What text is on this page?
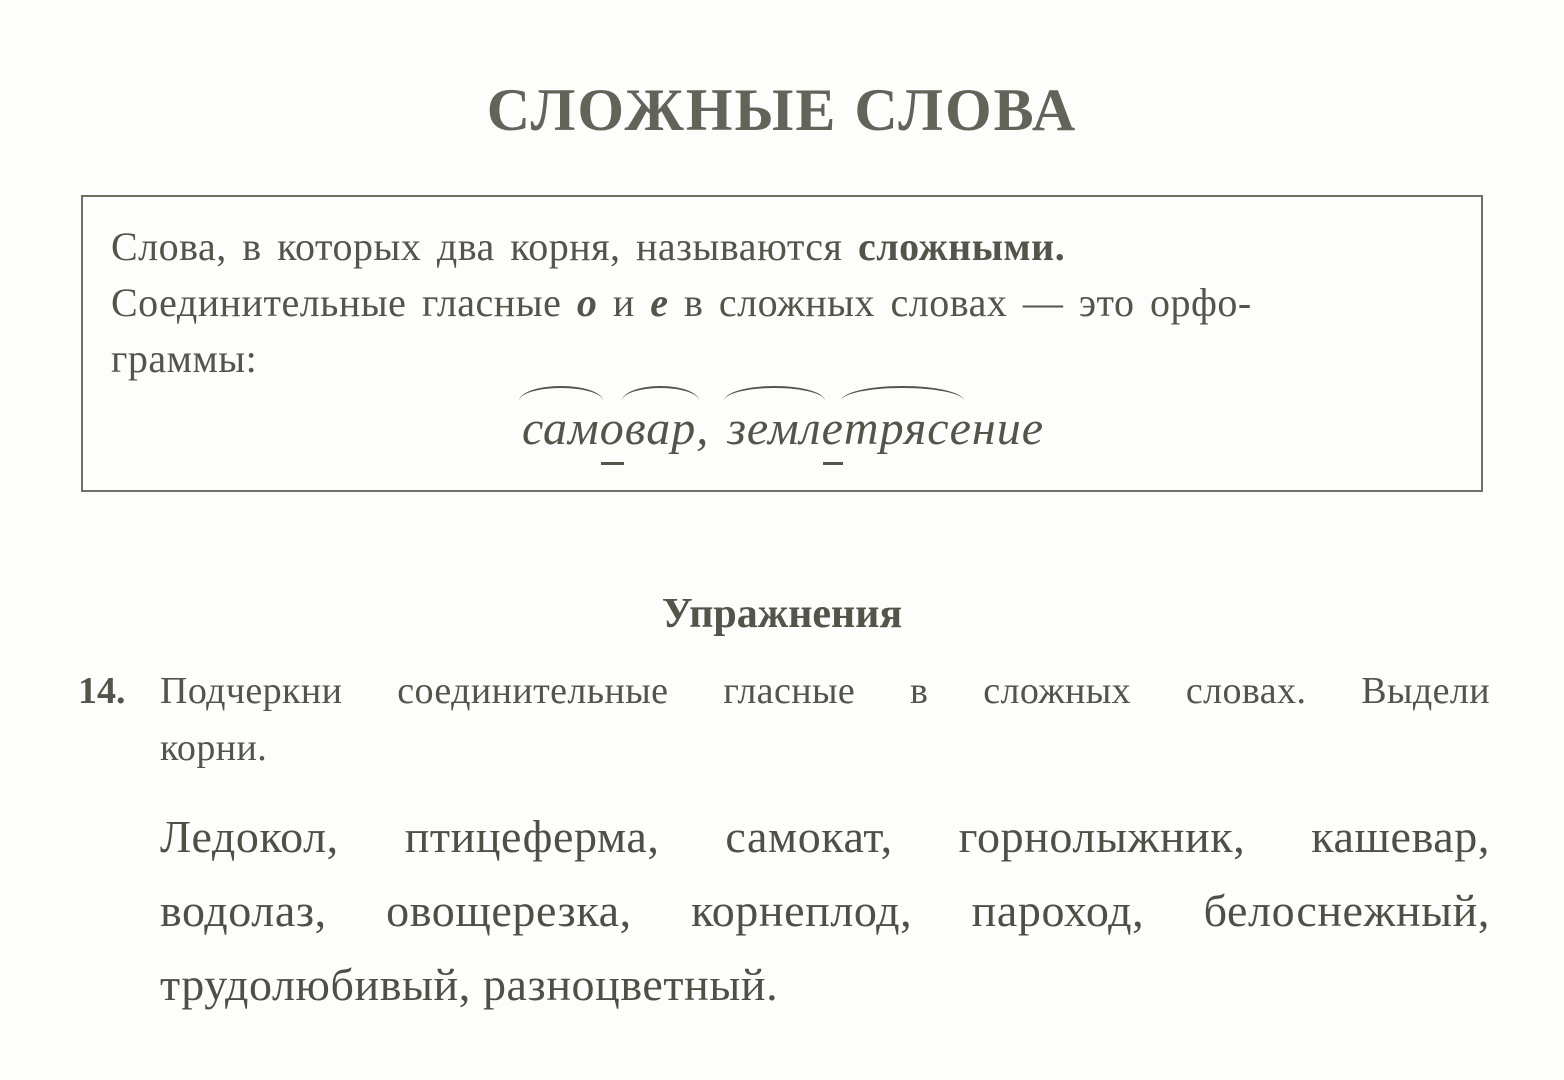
СЛОЖНЫЕ СЛОВА

Слова, в которых два корня, называются сложными.
Соединительные гласные о и е в сложных словах — это орфо-
граммы:

само
вар, земле
трясение
Упражнения
14. Подчеркни соединительные гласные в сложных словах. Выдели
корни.
Ледокол, птицеферма, самокат, горнолыжник, кашевар,
водолаз, овощерезка, корнеплод, пароход, белоснежный,
трудолюбивый, разноцветный.
